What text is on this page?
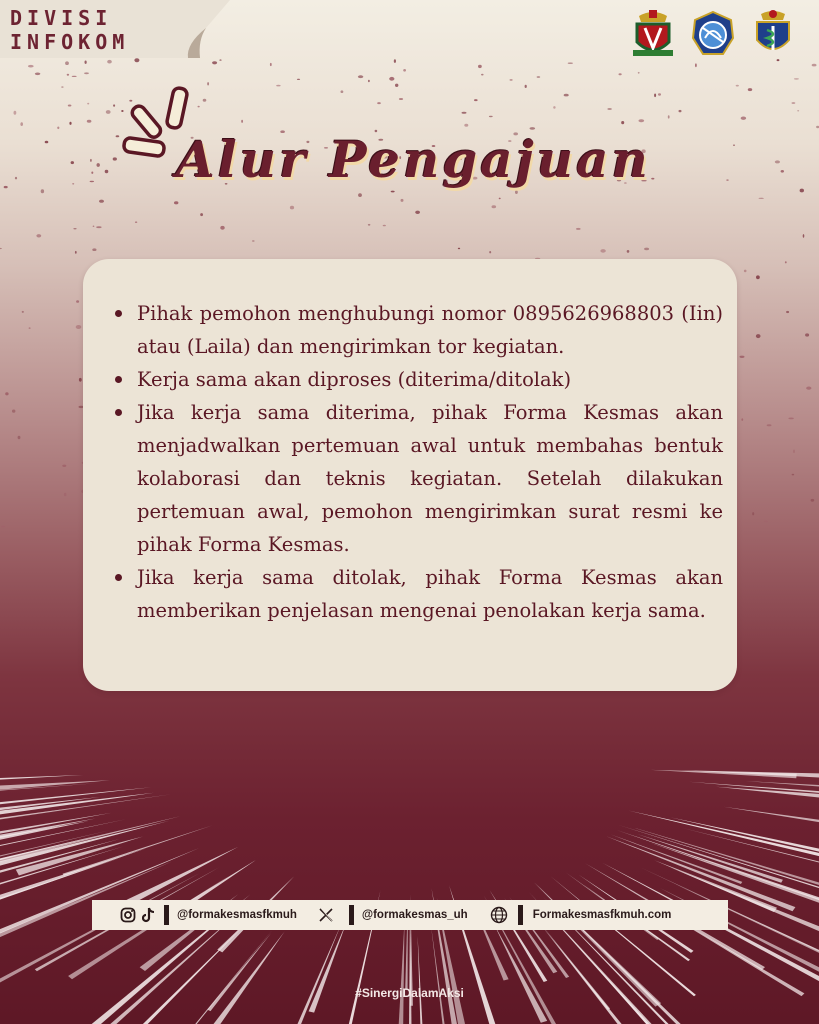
DIVISI
INFOKOM
Alur Pengajuan
Pihak pemohon menghubungi nomor 0895626968803 (Iin) atau (Laila) dan mengirimkan tor kegiatan.
Kerja sama akan diproses (diterima/ditolak)
Jika kerja sama diterima, pihak Forma Kesmas akan menjadwalkan pertemuan awal untuk membahas bentuk kolaborasi dan teknis kegiatan. Setelah dilakukan pertemuan awal, pemohon mengirimkan surat resmi ke pihak Forma Kesmas.
Jika kerja sama ditolak, pihak Forma Kesmas akan memberikan penjelasan mengenai penolakan kerja sama.
@formakesmasfkmuh	@formakesmas_uh	Formakesmasfkmuh.com
#SinergiDalamAksi
